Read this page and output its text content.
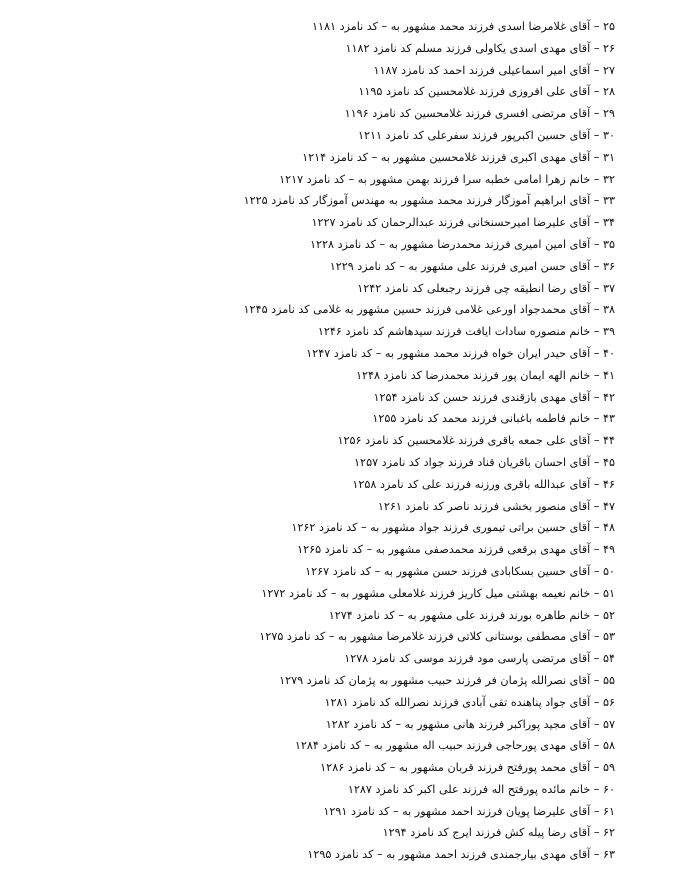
۲۵ – آقای غلامرضا اسدی فرزند محمد مشهور به – کد نامزد ۱۱۸۱
۲۶ – آقای مهدی اسدی یکاولی فرزند مسلم کد نامزد ۱۱۸۲
۲۷ – آقای امیر اسماعیلی فرزند احمد کد نامزد ۱۱۸۷
۲۸ – آقای علی افروزی فرزند غلامحسین کد نامزد ۱۱۹۵
۲۹ – آقای مرتضی افسری فرزند غلامحسین کد نامزد ۱۱۹۶
۳۰ – آقای حسین اکبرپور فرزند سفرعلی کد نامزد ۱۲۱۱
۳۱ – آقای مهدی اکبری فرزند غلامحسین مشهور به – کد نامزد ۱۲۱۴
۳۲ – خانم زهرا امامی خطبه سرا فرزند بهمن مشهور به – کد نامزد ۱۲۱۷
۳۳ – آقای ابراهیم آموزگار فرزند محمد مشهور به مهندس آموزگار کد نامزد ۱۲۲۵
۳۴ – آقای علیرضا امیرحسنخانی فرزند عبدالرحمان کد نامزد ۱۲۲۷
۳۵ – آقای امین امیری فرزند محمدرضا مشهور به – کد نامزد ۱۲۲۸
۳۶ – آقای حسن امیری فرزند علی مشهور به – کد نامزد ۱۲۲۹
۳۷ – آقای رضا انطیقه چی فرزند رجبعلی کد نامزد ۱۲۴۲
۳۸ – آقای محمدجواد اورعی غلامی فرزند حسین مشهور به غلامی کد نامزد ۱۲۴۵
۳۹ – خانم منصوره سادات ایافت فرزند سیدهاشم کد نامزد ۱۲۴۶
۴۰ – آقای حیدر ایران خواه فرزند محمد مشهور به – کد نامزد ۱۲۴۷
۴۱ – خانم الهه ایمان پور فرزند محمدرضا کد نامزد ۱۲۴۸
۴۲ – آقای مهدی بازقندی فرزند حسن کد نامزد ۱۲۵۴
۴۳ – خانم فاطمه باغبانی فرزند محمد کد نامزد ۱۲۵۵
۴۴ – آقای علی جمعه باقری فرزند غلامحسین کد نامزد ۱۲۵۶
۴۵ – آقای احسان باقریان قناد فرزند جواد کد نامزد ۱۲۵۷
۴۶ – آقای عبدالله باقری ورزنه فرزند علی کد نامزد ۱۲۵۸
۴۷ – آقای منصور بخشی فرزند ناصر کد نامزد ۱۲۶۱
۴۸ – آقای حسین براتی تیموری فرزند جواد مشهور به – کد نامزد ۱۲۶۲
۴۹ – آقای مهدی برقعی فرزند محمدصفی مشهور به – کد نامزد ۱۲۶۵
۵۰ – آقای حسین بسکابادی فرزند حسن مشهور به – کد نامزد ۱۲۶۷
۵۱ – خانم نعیمه بهشتی میل کاریز فرزند غلامعلی مشهور به – کد نامزد ۱۲۷۲
۵۲ – خانم طاهره بورند فرزند علی مشهور به – کد نامزد ۱۲۷۴
۵۳ – آقای مصطفی بوستانی کلاتی فرزند غلامرضا مشهور به – کد نامزد ۱۲۷۵
۵۴ – آقای مرتضی پارسی مود فرزند موسی کد نامزد ۱۲۷۸
۵۵ – آقای نصرالله پژمان فر فرزند حبیب مشهور به پژمان کد نامزد ۱۲۷۹
۵۶ – آقای جواد پناهنده تقی آبادی فرزند نصرالله کد نامزد ۱۲۸۱
۵۷ – آقای مجید پوراکبر فرزند هانی مشهور به – کد نامزد ۱۲۸۲
۵۸ – آقای مهدی پورحاجی فرزند حبیب اله مشهور به – کد نامزد ۱۲۸۴
۵۹ – آقای محمد پورفتح فرزند قربان مشهور به – کد نامزد ۱۲۸۶
۶۰ – خانم مائده پورفتح اله فرزند علی اکبر کد نامزد ۱۲۸۷
۶۱ – آقای علیرضا پویان فرزند احمد مشهور به – کد نامزد ۱۲۹۱
۶۲ – آقای رضا پیله کش فرزند ایرج کد نامزد ۱۲۹۴
۶۳ – آقای مهدی بیارجمندی فرزند احمد مشهور به – کد نامزد ۱۲۹۵
